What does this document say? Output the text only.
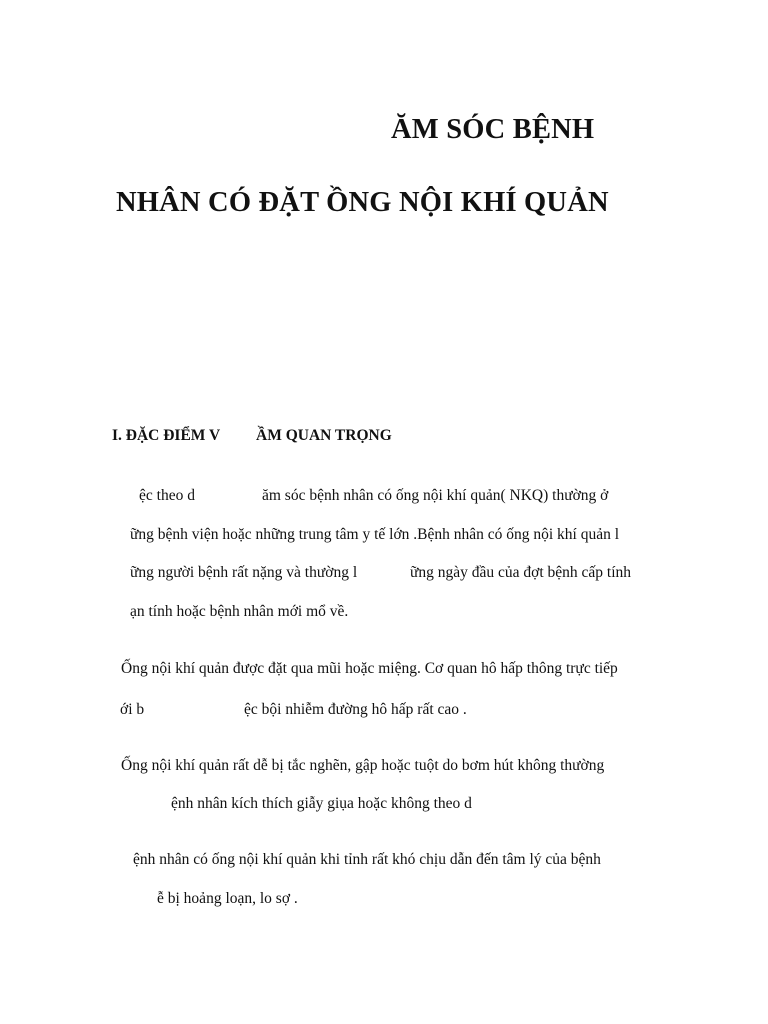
ĂM SÓC BỆNH
NHÂN CÓ ĐẶT ỒNG NỘI KHÍ QUẢN
I. ĐẶC ĐIỂM V ẦM QUAN TRỌNG
ệc theo d	ăm sóc bệnh nhân có ống nội khí quản( NKQ) thường ở
ững bệnh viện hoặc những trung tâm y tế lớn .Bệnh nhân có ống nội khí quản l
ững người bệnh rất nặng và thường l	ững ngày đầu của đợt bệnh cấp tính
ạn tính hoặc bệnh nhân mới mổ về.
Ống nội khí quản được đặt qua mũi hoặc miệng. Cơ quan hô hấp thông trực tiếp
ới b	ệc bội nhiễm đường hô hấp rất cao .
Ống nội khí quản rất dễ bị tắc nghẽn, gập hoặc tuột do bơm hút không thường
ệnh nhân kích thích giẫy giụa hoặc không theo d
ệnh nhân có ống nội khí quản khi tỉnh rất khó chịu dẫn đến tâm lý của bệnh
ễ bị hoảng loạn, lo sợ .
